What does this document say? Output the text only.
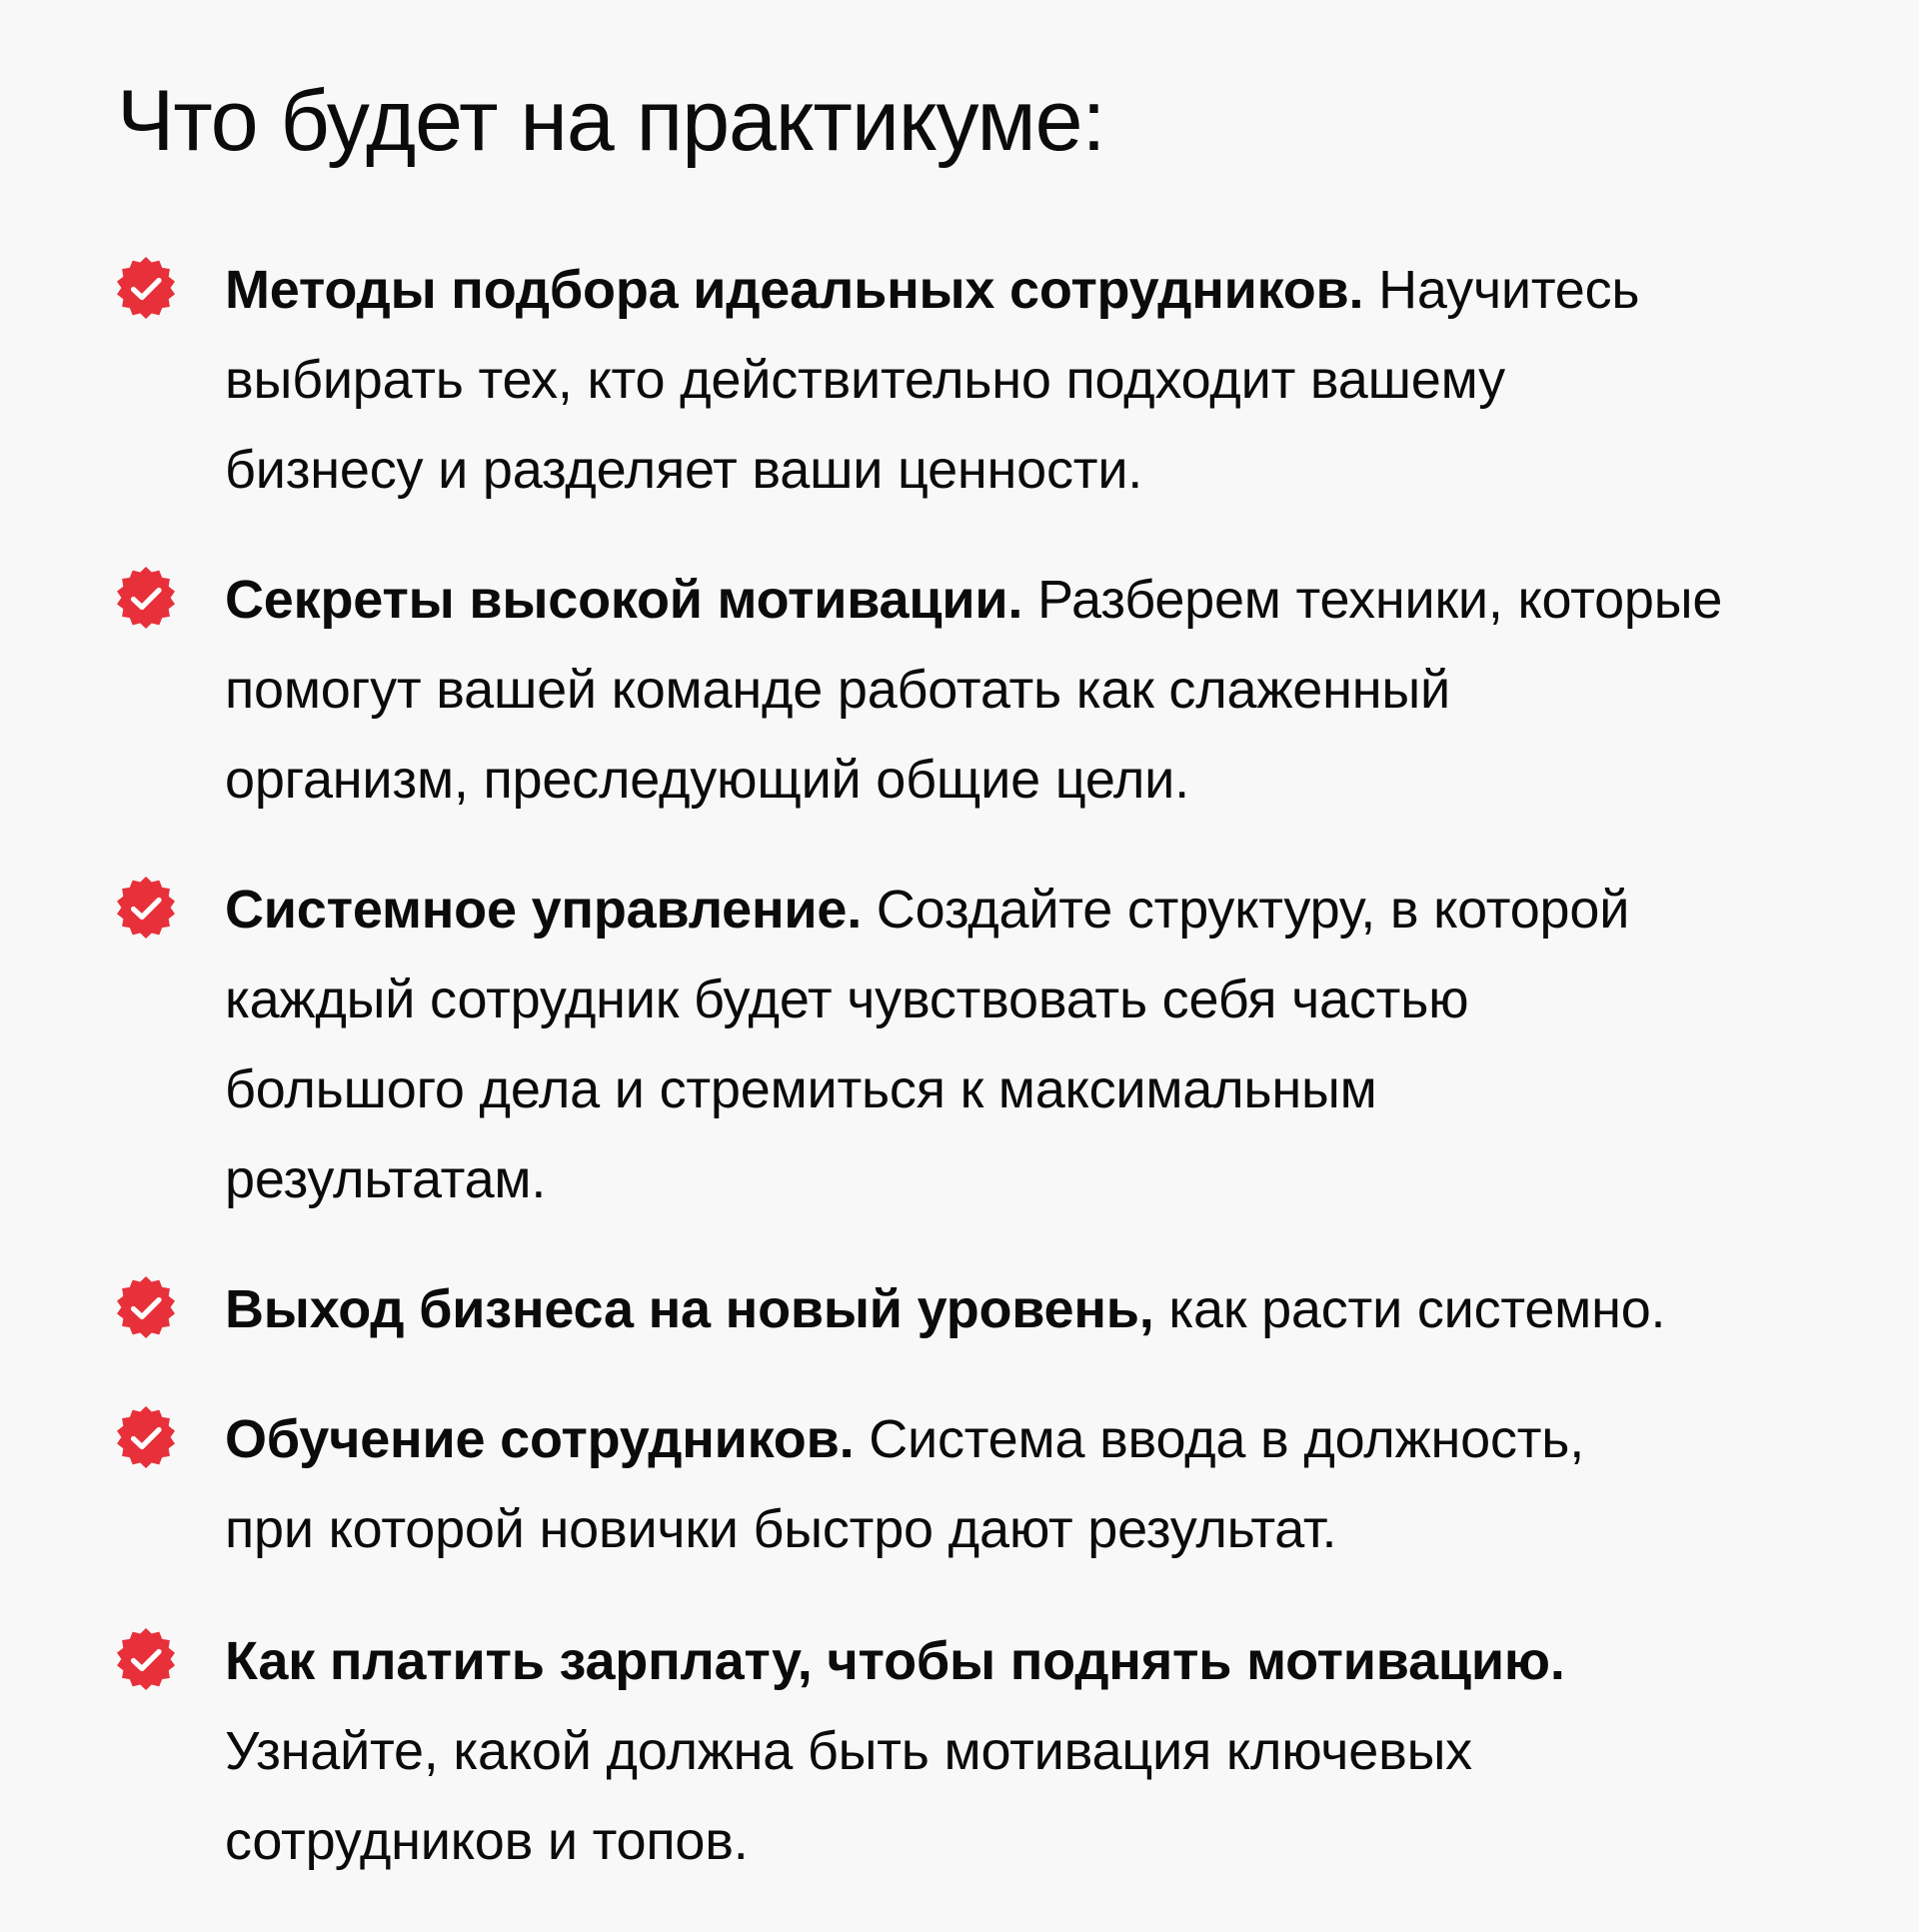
Что будет на практикуме:

Методы подбора идеальных сотрудников. Научитесь
выбирать тех, кто действительно подходит вашему
бизнесу и разделяет ваши ценности.

Секреты высокой мотивации. Разберем техники, которые
помогут вашей команде работать как слаженный
организм, преследующий общие цели.

Системное управление. Создайте структуру, в которой
каждый сотрудник будет чувствовать себя частью
большого дела и стремиться к максимальным
результатам.

Выход бизнеса на новый уровень, как расти системно.

Обучение сотрудников. Система ввода в должность,
при которой новички быстро дают результат.

Как платить зарплату, чтобы поднять мотивацию.
Узнайте, какой должна быть мотивация ключевых
сотрудников и топов.
